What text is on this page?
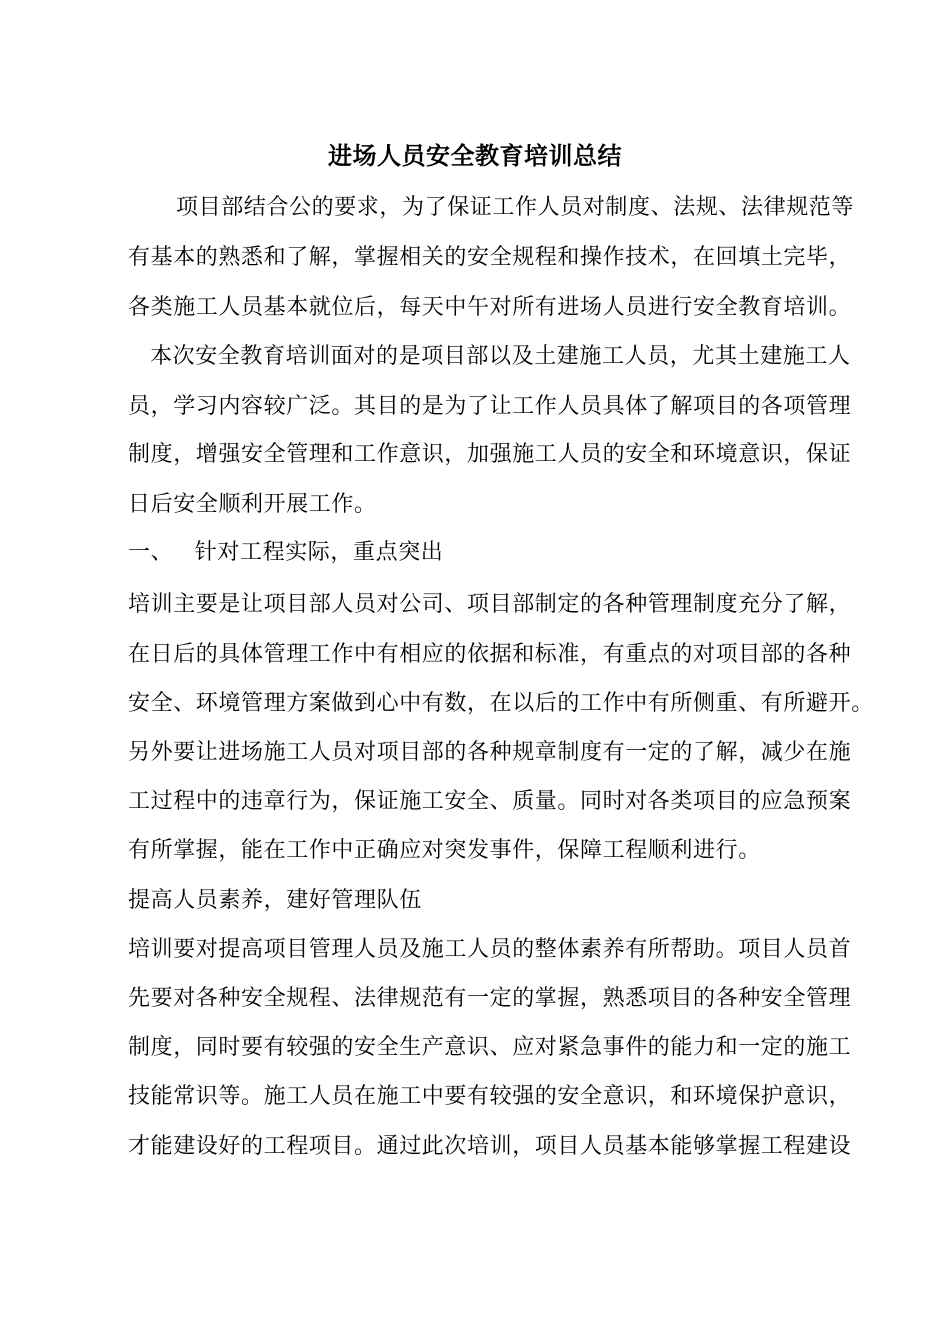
进场人员安全教育培训总结
项目部结合公的要求，为了保证工作人员对制度、法规、法律规范等
有基本的熟悉和了解，掌握相关的安全规程和操作技术，在回填土完毕，
各类施工人员基本就位后，每天中午对所有进场人员进行安全教育培训。
本次安全教育培训面对的是项目部以及土建施工人员，尤其土建施工人
员，学习内容较广泛。其目的是为了让工作人员具体了解项目的各项管理
制度，增强安全管理和工作意识，加强施工人员的安全和环境意识，保证
日后安全顺利开展工作。
一、 针对工程实际，重点突出
培训主要是让项目部人员对公司、项目部制定的各种管理制度充分了解，
在日后的具体管理工作中有相应的依据和标准，有重点的对项目部的各种
安全、环境管理方案做到心中有数，在以后的工作中有所侧重、有所避开。
另外要让进场施工人员对项目部的各种规章制度有一定的了解，减少在施
工过程中的违章行为，保证施工安全、质量。同时对各类项目的应急预案
有所掌握，能在工作中正确应对突发事件，保障工程顺利进行。
提高人员素养，建好管理队伍
培训要对提高项目管理人员及施工人员的整体素养有所帮助。项目人员首
先要对各种安全规程、法律规范有一定的掌握，熟悉项目的各种安全管理
制度，同时要有较强的安全生产意识、应对紧急事件的能力和一定的施工
技能常识等。施工人员在施工中要有较强的安全意识，和环境保护意识，
才能建设好的工程项目。通过此次培训，项目人员基本能够掌握工程建设
